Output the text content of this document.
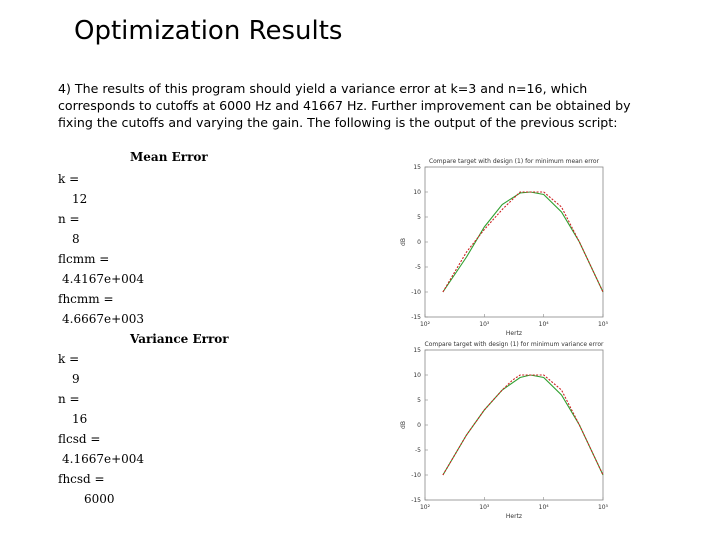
Optimization Results
4) The results of this program should yield a variance error at k=3 and n=16, which
corresponds to cutoffs at 6000 Hz and 41667 Hz. Further improvement can be obtained by
fixing the cutoffs and varying the gain. The following is the output of the previous script:
Mean Error
k =
12
n =
8
flcmm =
4.4167e+004
fhcmm =
4.6667e+003
Variance Error
k =
9
n =
16
flcsd =
4.1667e+004
fhcsd =
6000
Compare target with design (1) for minimum mean error
dB
Hertz
15
10
5
0
-5
-10
-15
10²	10³	10⁴	10⁵
Compare target with design (1) for minimum variance error
dB
Hertz
15
10
5
0
-5
-10
-15
10²	10³	10⁴	10⁵
